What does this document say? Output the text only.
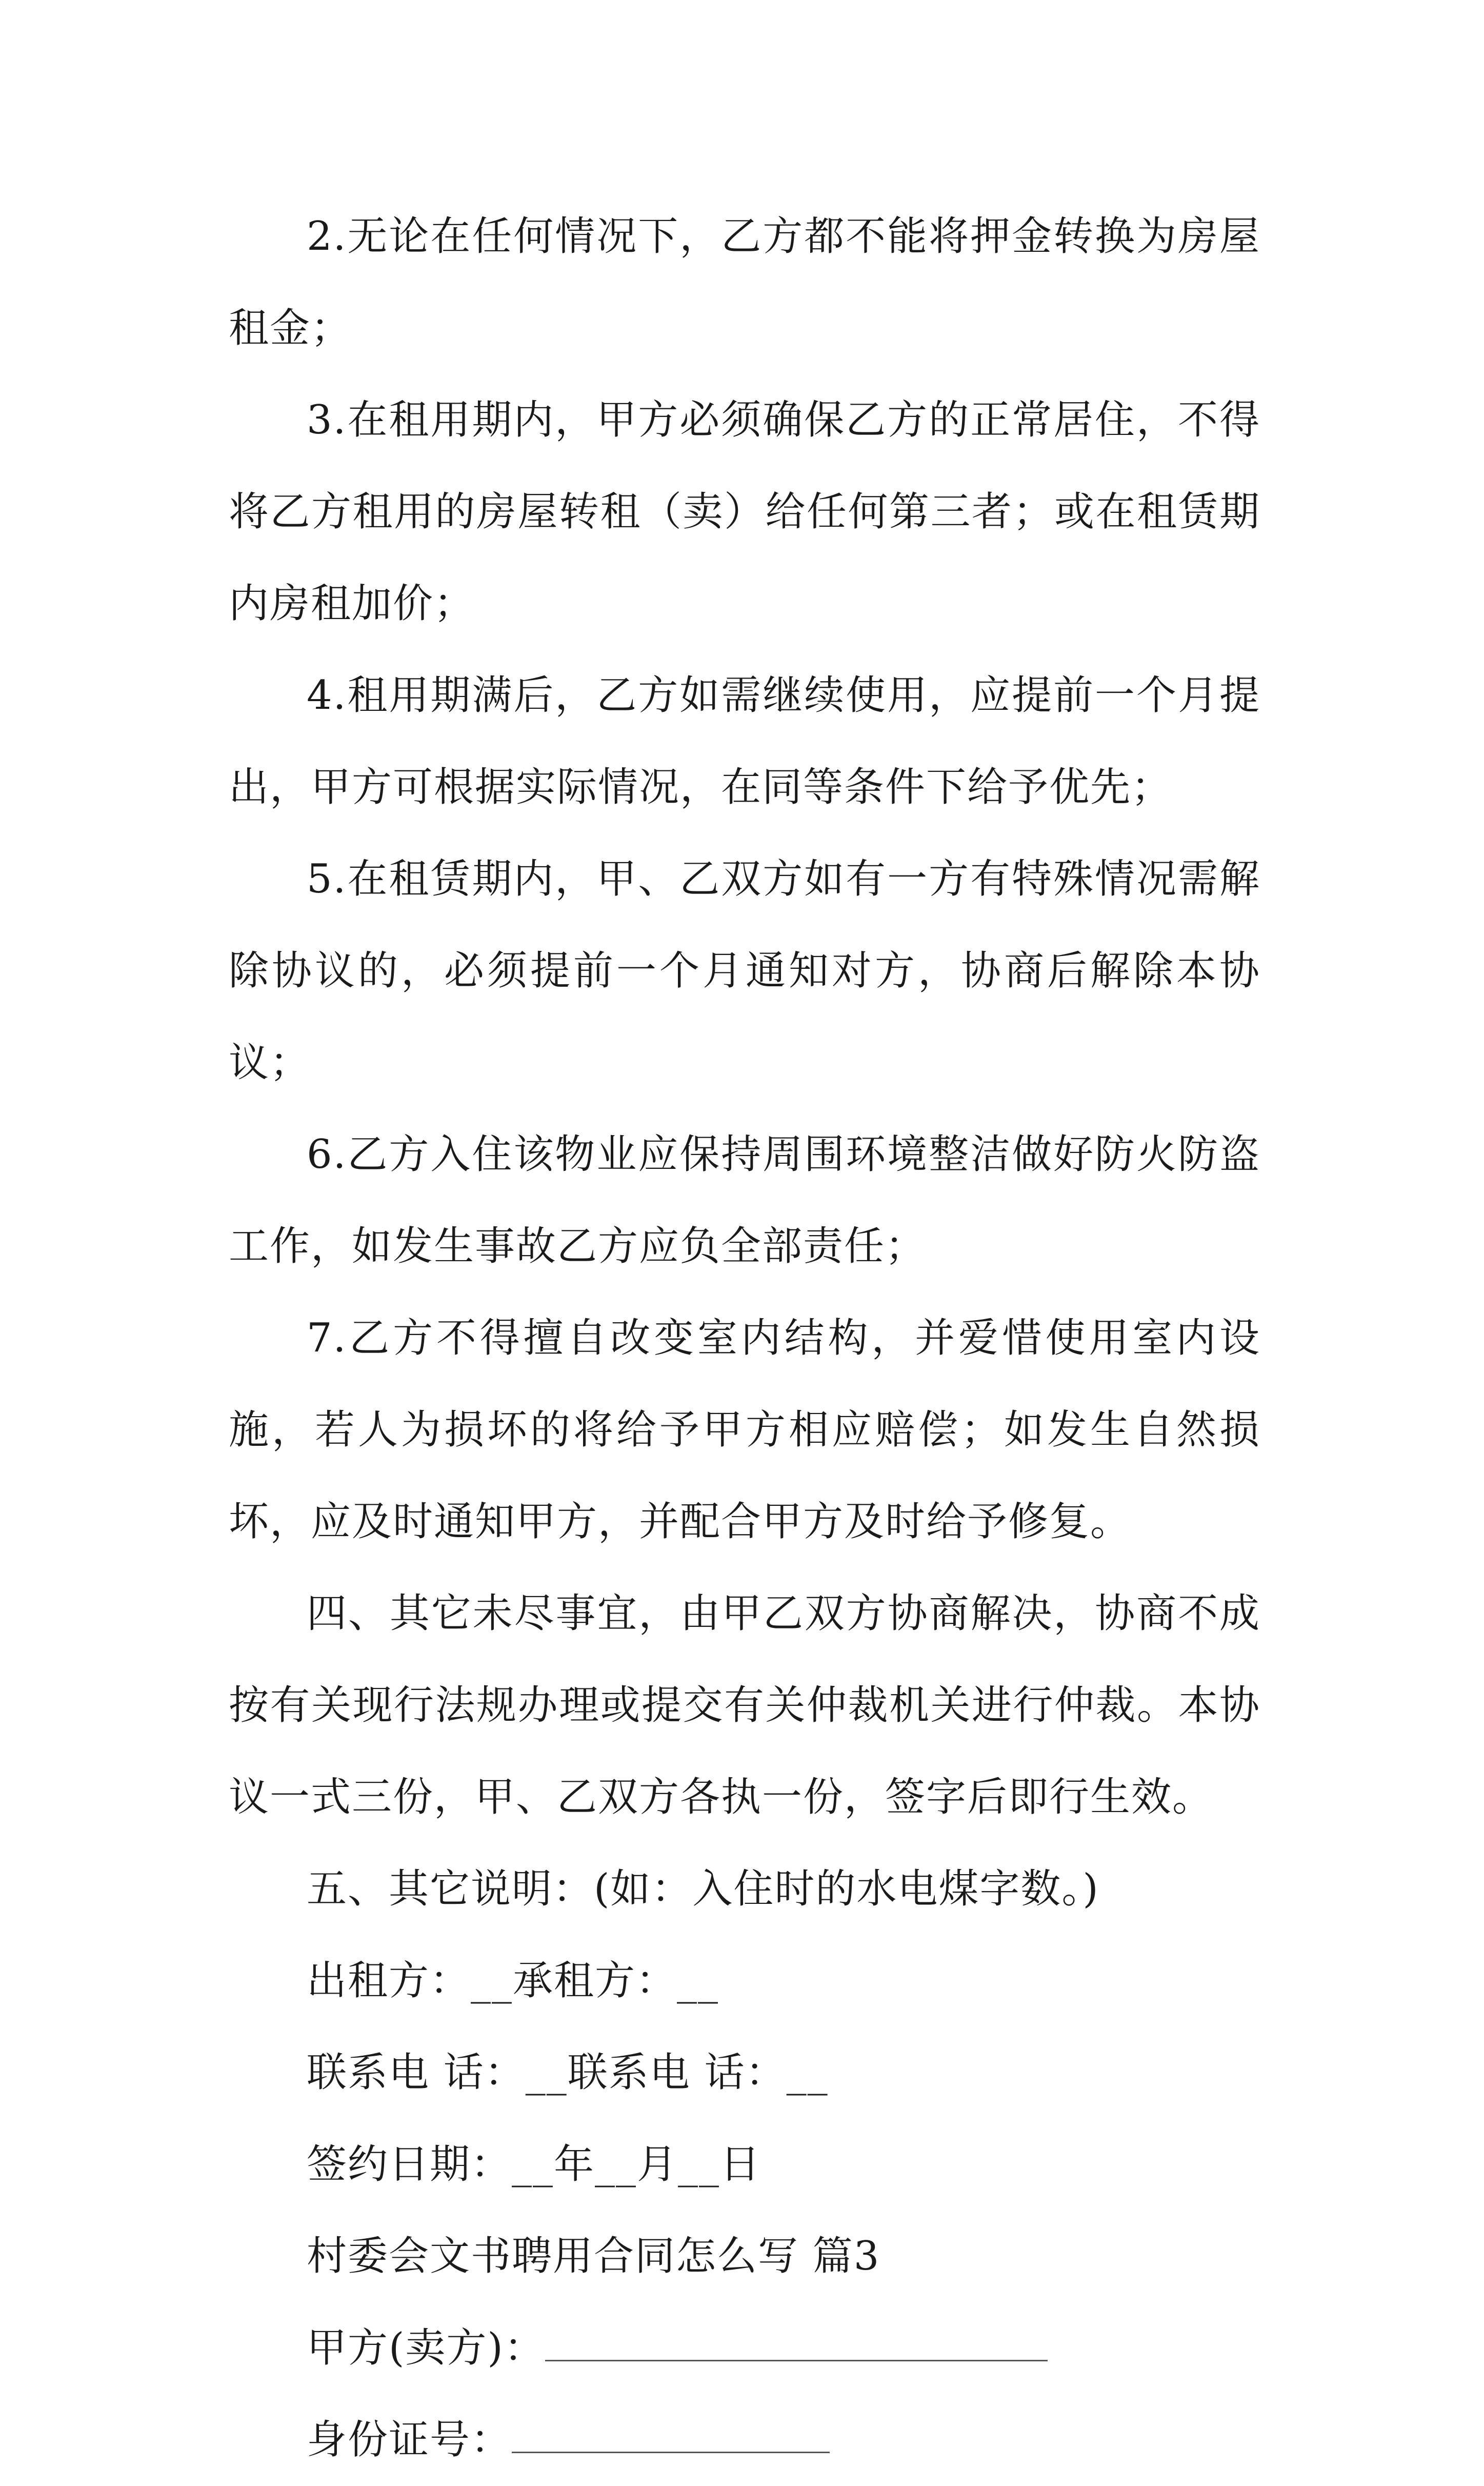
2.无论在任何情况下，乙方都不能将押金转换为房屋租金；

3.在租用期内，甲方必须确保乙方的正常居住，不得将乙方租用的房屋转租（卖）给任何第三者；或在租赁期内房租加价；

4.租用期满后，乙方如需继续使用，应提前一个月提出，甲方可根据实际情况，在同等条件下给予优先；

5.在租赁期内，甲、乙双方如有一方有特殊情况需解除协议的，必须提前一个月通知对方，协商后解除本协议；

6.乙方入住该物业应保持周围环境整洁做好防火防盗工作，如发生事故乙方应负全部责任；

7.乙方不得擅自改变室内结构，并爱惜使用室内设施，若人为损坏的将给予甲方相应赔偿；如发生自然损坏，应及时通知甲方，并配合甲方及时给予修复。

四、其它未尽事宜，由甲乙双方协商解决，协商不成按有关现行法规办理或提交有关仲裁机关进行仲裁。本协议一式三份，甲、乙双方各执一份，签字后即行生效。

五、其它说明：(如：入住时的水电煤字数。)

出租方：__承租方：__

联系电 话：__联系电 话：__

签约日期：__年__月__日

村委会文书聘用合同怎么写 篇3

甲方(卖方)：

身份证号：
